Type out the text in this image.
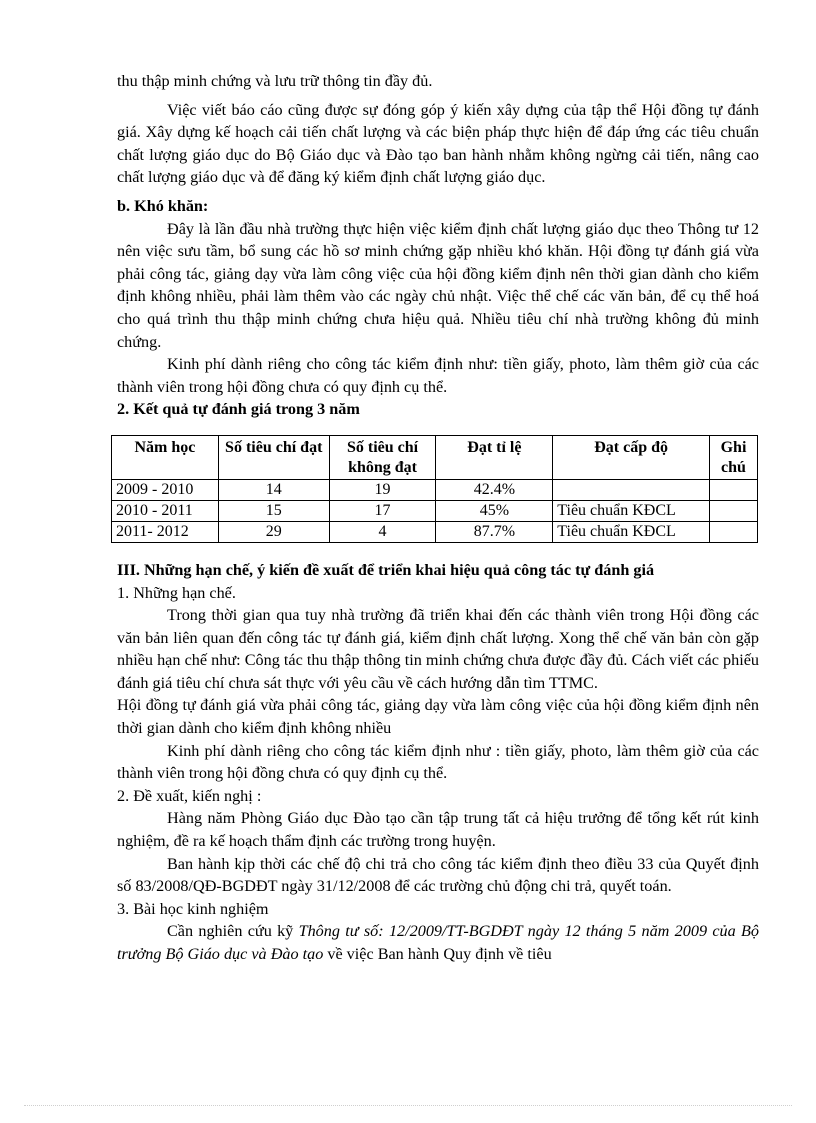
thu thập minh chứng và lưu trữ thông tin đầy đủ.

Việc viết báo cáo cũng được sự đóng góp ý kiến xây dựng của tập thể Hội đồng tự đánh giá. Xây dựng kế hoạch cải tiến chất lượng và các biện pháp thực hiện để đáp ứng các tiêu chuẩn chất lượng giáo dục do Bộ Giáo dục và Đào tạo ban hành nhằm không ngừng cải tiến, nâng cao chất lượng giáo dục và để đăng ký kiểm định chất lượng giáo dục.

b. Khó khăn:

Đây là lần đầu nhà trường thực hiện việc kiểm định chất lượng giáo dục theo Thông tư 12 nên việc sưu tầm, bổ sung các hồ sơ minh chứng gặp nhiều khó khăn. Hội đồng tự đánh giá vừa phải công tác, giảng dạy vừa làm công việc của hội đồng kiểm định nên thời gian dành cho kiểm định không nhiều, phải làm thêm vào các ngày chủ nhật. Việc thể chế các văn bản, để cụ thể hoá cho quá trình thu thập minh chứng chưa hiệu quả. Nhiều tiêu chí nhà trường không đủ minh chứng.

Kinh phí dành riêng cho công tác kiểm định như: tiền giấy, photo, làm thêm giờ của các thành viên trong hội đồng chưa có quy định cụ thể.

2. Kết quả tự đánh giá trong 3 năm

Năm học	Số tiêu chí đạt	Số tiêu chí không đạt	Đạt tỉ lệ	Đạt cấp độ	Ghi chú
2009 - 2010	14	19	42.4%		
2010 - 2011	15	17	45%	Tiêu chuẩn KĐCL	
2011- 2012	29	4	87.7%	Tiêu chuẩn KĐCL	

III. Những hạn chế, ý kiến đề xuất để triển khai hiệu quả công tác tự đánh giá

1. Những hạn chế.

Trong thời gian qua tuy nhà trường đã triển khai đến các thành viên trong Hội đồng các văn bản liên quan đến công tác tự đánh giá, kiểm định chất lượng. Xong thể chế văn bản còn gặp nhiều hạn chế như: Công tác thu thập thông tin minh chứng chưa được đầy đủ. Cách viết các phiếu đánh giá tiêu chí chưa sát thực với yêu cầu về cách hướng dẫn tìm TTMC.

Hội đồng tự đánh giá vừa phải công tác, giảng dạy vừa làm công việc của hội đồng kiểm định nên thời gian dành cho kiểm định không nhiều

Kinh phí dành riêng cho công tác kiểm định như : tiền giấy, photo, làm thêm giờ của các thành viên trong hội đồng chưa có quy định cụ thể.

2. Đề xuất, kiến nghị :

Hàng năm Phòng Giáo dục Đào tạo cần tập trung tất cả hiệu trưởng để tổng kết rút kinh nghiệm, đề ra kế hoạch thẩm định các trường trong huyện.

Ban hành kịp thời các chế độ chi trả cho công tác kiểm định theo điều 33 của Quyết định số 83/2008/QĐ-BGDĐT ngày 31/12/2008 để các trường chủ động chi trả, quyết toán.

3. Bài học kinh nghiệm

Cần nghiên cứu kỹ Thông tư số: 12/2009/TT-BGDĐT ngày 12 tháng 5 năm 2009 của Bộ trưởng Bộ Giáo dục và Đào tạo về việc Ban hành Quy định về tiêu
